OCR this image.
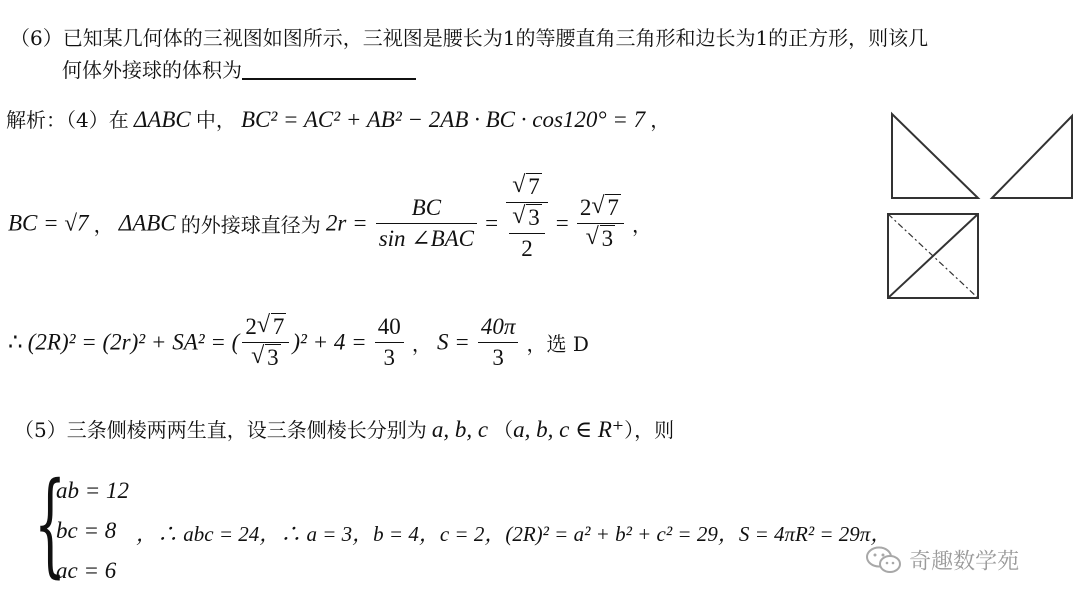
（6）已知某几何体的三视图如图所示，三视图是腰长为1的等腰直角三角形和边长为1的正方形，则该几
何体外接球的体积为
解析：（4）在 ΔABC 中， BC² = AC² + AB² − 2AB · BC · cos120° = 7 ，
BC = √7 ， ΔABC 的外接球直径为 $2r = \frac{BC}{\text{sin ∠BAC}}$ = √ 7
√ 3
2 = 2 √ 7
√ 3 ，
∴ (2R)² = (2r)² + SA² = ( 2 √ 7
√ 3 )$^2 + 4 = \frac{40}{3}$ ， $S = \frac{40\pi}{3}$ ，选 D
（5）三条侧棱两两生直，设三条侧棱长分别为 a, b, c （a, b, c ∈ R⁺），则
{
ab = 12
bc = 8
ac = 6
，∴ abc = 24，∴ a = 3，b = 4，c = 2，(2R)² = a² + b² + c² = 29，S = 4πR² = 29π，
奇趣数学苑
